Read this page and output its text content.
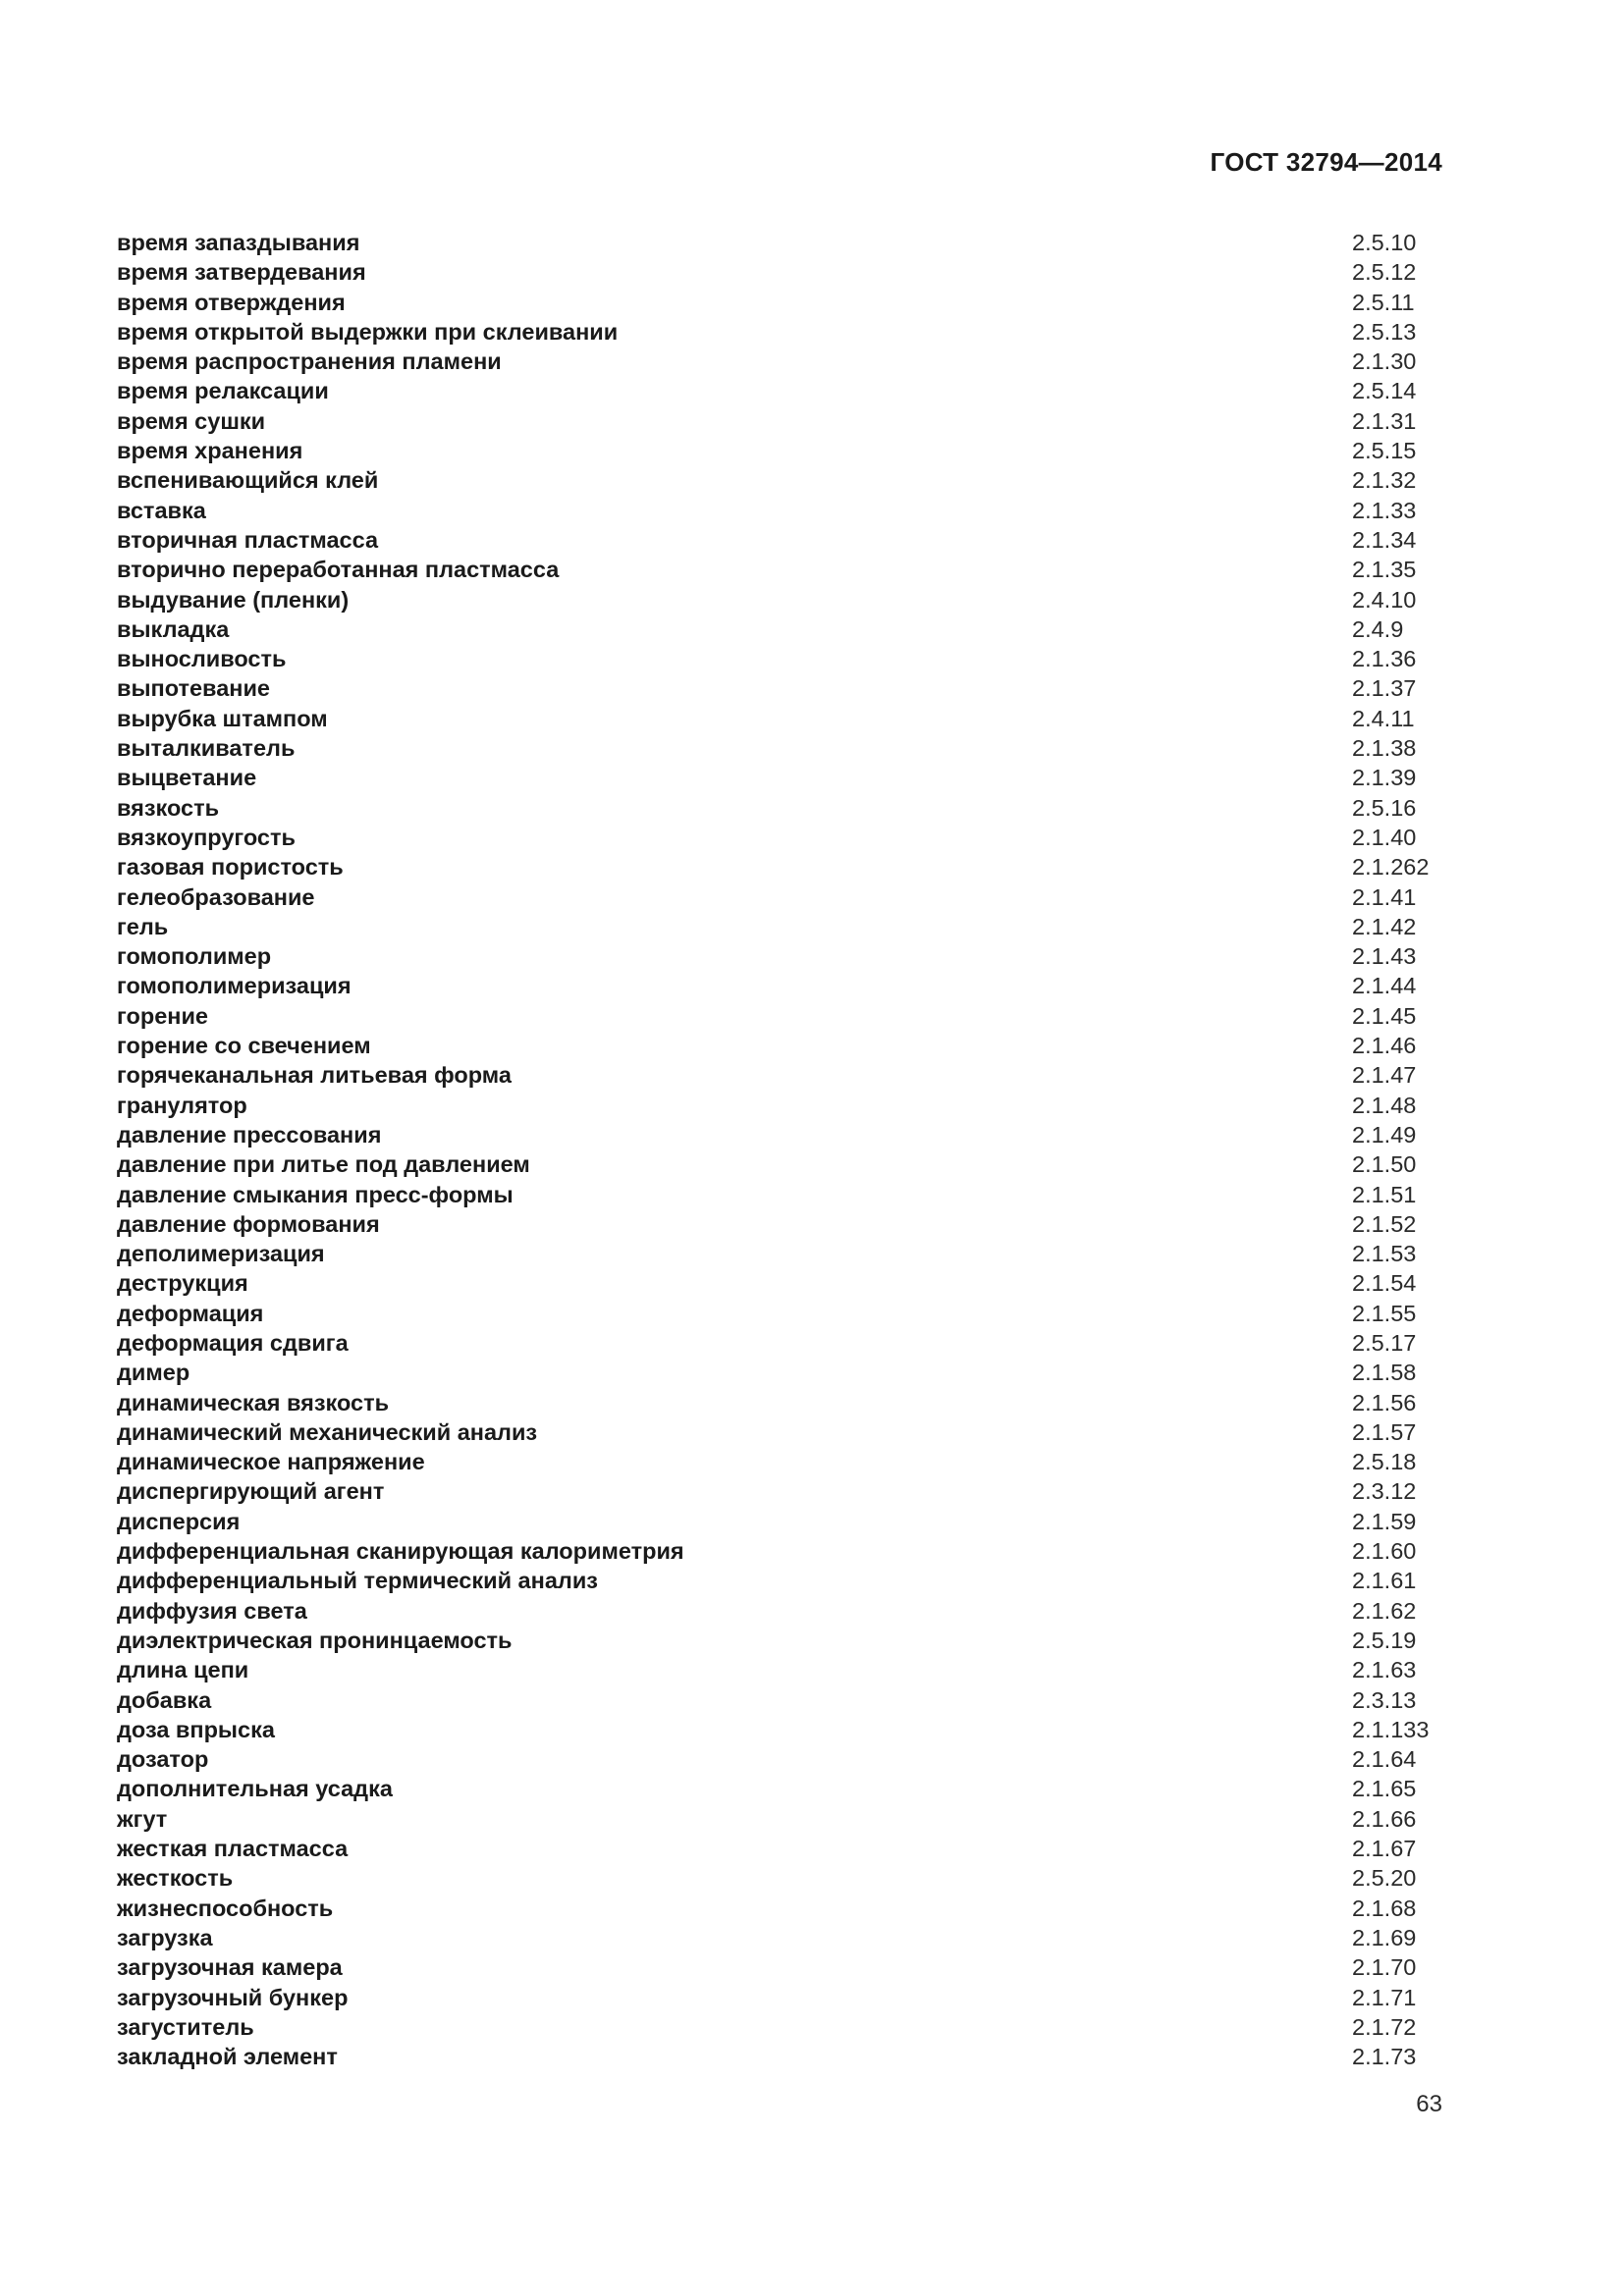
ГОСТ 32794—2014
время запаздывания	2.5.10
время затвердевания	2.5.12
время отверждения	2.5.11
время открытой выдержки при склеивании	2.5.13
время распространения пламени	2.1.30
время релаксации	2.5.14
время сушки	2.1.31
время хранения	2.5.15
вспенивающийся клей	2.1.32
вставка	2.1.33
вторичная пластмасса	2.1.34
вторично переработанная пластмасса	2.1.35
выдувание (пленки)	2.4.10
выкладка	2.4.9
выносливость	2.1.36
выпотевание	2.1.37
вырубка штампом	2.4.11
выталкиватель	2.1.38
выцветание	2.1.39
вязкость	2.5.16
вязкоупругость	2.1.40
газовая пористость	2.1.262
гелеобразование	2.1.41
гель	2.1.42
гомополимер	2.1.43
гомополимеризация	2.1.44
горение	2.1.45
горение со свечением	2.1.46
горячеканальная литьевая форма	2.1.47
гранулятор	2.1.48
давление прессования	2.1.49
давление при литье под давлением	2.1.50
давление смыкания пресс-формы	2.1.51
давление формования	2.1.52
деполимеризация	2.1.53
деструкция	2.1.54
деформация	2.1.55
деформация сдвига	2.5.17
димер	2.1.58
динамическая вязкость	2.1.56
динамический механический анализ	2.1.57
динамическое напряжение	2.5.18
диспергирующий агент	2.3.12
дисперсия	2.1.59
дифференциальная сканирующая калориметрия	2.1.60
дифференциальный термический анализ	2.1.61
диффузия света	2.1.62
диэлектрическая пронинцаемость	2.5.19
длина цепи	2.1.63
добавка	2.3.13
доза впрыска	2.1.133
дозатор	2.1.64
дополнительная усадка	2.1.65
жгут	2.1.66
жесткая пластмасса	2.1.67
жесткость	2.5.20
жизнеспособность	2.1.68
загрузка	2.1.69
загрузочная камера	2.1.70
загрузочный бункер	2.1.71
загуститель	2.1.72
закладной элемент	2.1.73
63
